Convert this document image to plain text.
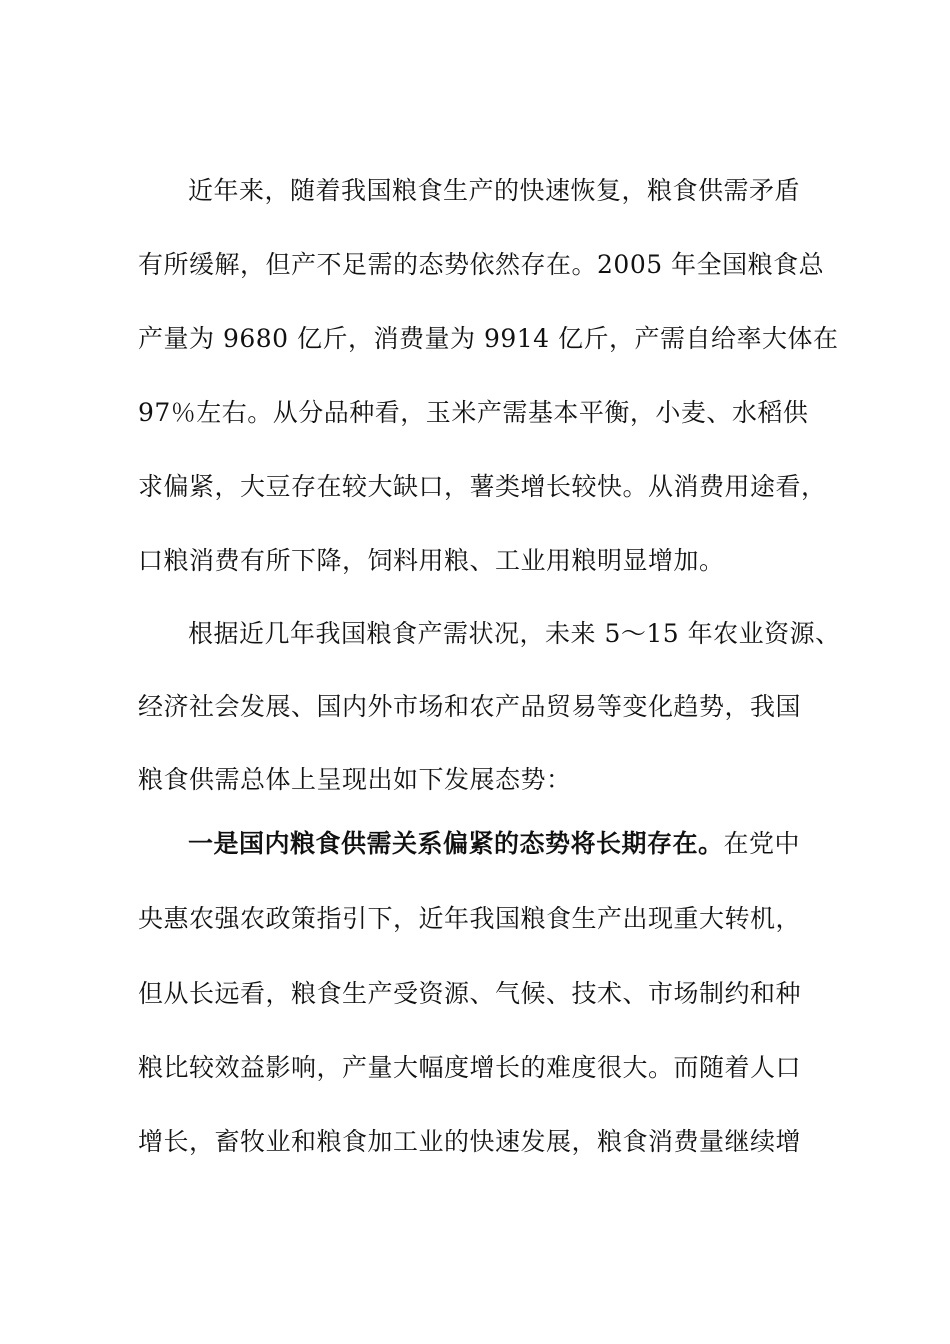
近年来，随着我国粮食生产的快速恢复，粮食供需矛盾
有所缓解，但产不足需的态势依然存在。2005 年全国粮食总
产量为 9680 亿斤，消费量为 9914 亿斤，产需自给率大体在
97％左右。从分品种看，玉米产需基本平衡，小麦、水稻供
求偏紧，大豆存在较大缺口，薯类增长较快。从消费用途看，
口粮消费有所下降，饲料用粮、工业用粮明显增加。
根据近几年我国粮食产需状况，未来 5～15 年农业资源、
经济社会发展、国内外市场和农产品贸易等变化趋势，我国
粮食供需总体上呈现出如下发展态势：
一是国内粮食供需关系偏紧的态势将长期存在。在党中
央惠农强农政策指引下，近年我国粮食生产出现重大转机，
但从长远看，粮食生产受资源、气候、技术、市场制约和种
粮比较效益影响，产量大幅度增长的难度很大。而随着人口
增长，畜牧业和粮食加工业的快速发展，粮食消费量继续增
